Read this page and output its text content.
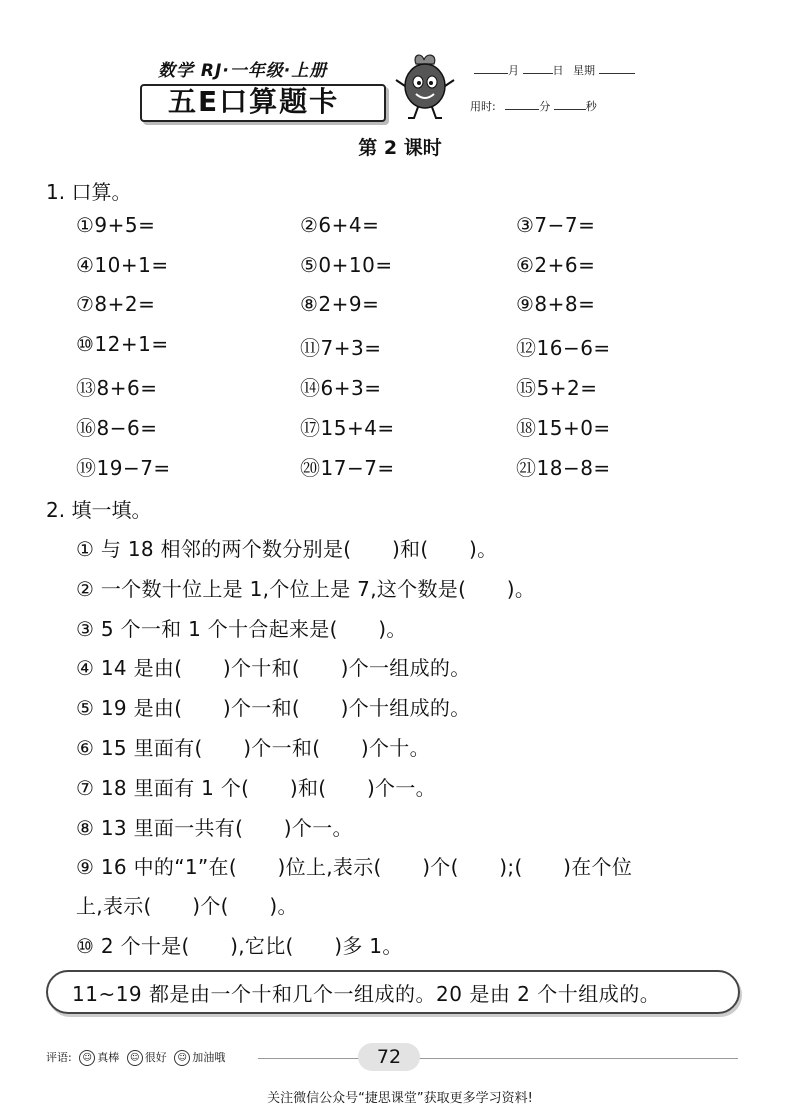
数学 RJ·一年级·上册
五E口算题卡
月	日 星期
用时:	分	秒
第 2 课时
1. 口算。
①9+5=	②6+4=	③7−7=
④10+1=	⑤0+10=	⑥2+6=
⑦8+2=	⑧2+9=	⑨8+8=
⑩12+1=	⑪7+3=	⑫16−6=
⑬8+6=	⑭6+3=	⑮5+2=
⑯8−6=	⑰15+4=	⑱15+0=
⑲19−7=	⑳17−7=	㉑18−8=
2. 填一填。
① 与 18 相邻的两个数分别是(　　)和(　　)。
② 一个数十位上是 1,个位上是 7,这个数是(　　)。
③ 5 个一和 1 个十合起来是(　　)。
④ 14 是由(　　)个十和(　　)个一组成的。
⑤ 19 是由(　　)个一和(　　)个十组成的。
⑥ 15 里面有(　　)个一和(　　)个十。
⑦ 18 里面有 1 个(　　)和(　　)个一。
⑧ 13 里面一共有(　　)个一。
⑨ 16 中的“1”在(　　)位上,表示(　　)个(　　);(　　)在个位
上,表示(　　)个(　　)。
⑩ 2 个十是(　　),它比(　　)多 1。
11~19 都是由一个十和几个一组成的。20 是由 2 个十组成的。
评语: ☺ 真棒 ☺ 很好 ☺ 加油哦	72
关注微信公众号“捷思课堂”获取更多学习资料!
